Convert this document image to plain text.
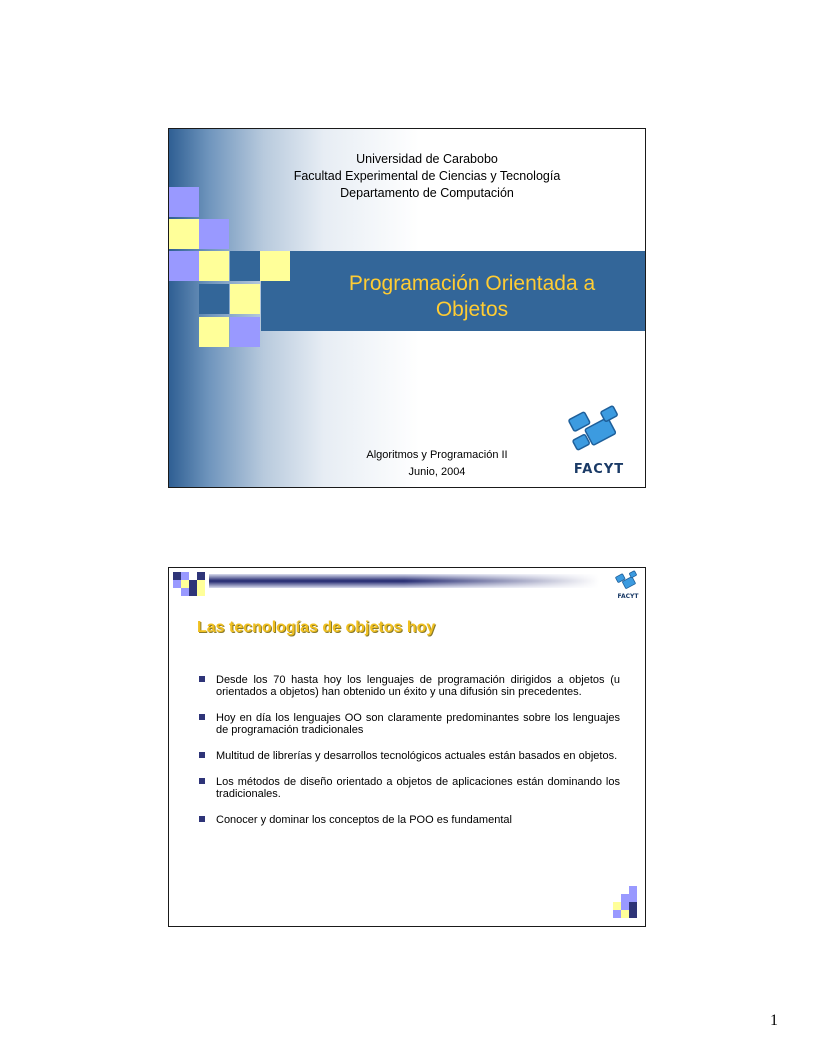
Universidad de Carabobo
Facultad Experimental de Ciencias y Tecnología
Departamento de Computación
Programación Orientada a
Objetos
Algoritmos y Programación II
Junio, 2004	FACYT
FACYT
Las tecnologías de objetos hoy
Desde los 70 hasta hoy los lenguajes de programación dirigidos a objetos (u orientados a objetos) han obtenido un éxito y una difusión sin precedentes.
Hoy en día los lenguajes OO son claramente predominantes sobre los lenguajes de programación tradicionales
Multitud de librerías y desarrollos tecnológicos actuales están basados en objetos.
Los métodos de diseño orientado a objetos de aplicaciones están dominando los tradicionales.
Conocer y dominar los conceptos de la POO es fundamental
1
